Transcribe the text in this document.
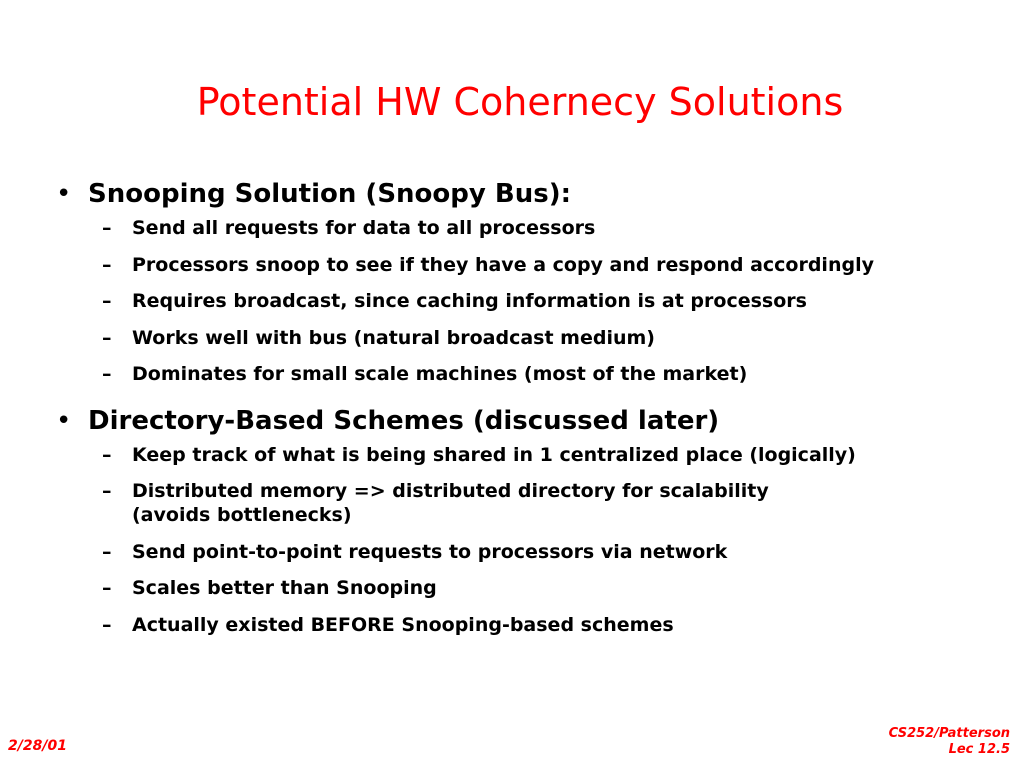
Potential HW Cohernecy Solutions
• Snooping Solution (Snoopy Bus):
– Send all requests for data to all processors
– Processors snoop to see if they have a copy and respond accordingly
– Requires broadcast, since caching information is at processors
– Works well with bus (natural broadcast medium)
– Dominates for small scale machines (most of the market)
• Directory-Based Schemes (discussed later)
– Keep track of what is being shared in 1 centralized place (logically)
– Distributed memory => distributed directory for scalability
(avoids bottlenecks)
– Send point-to-point requests to processors via network
– Scales better than Snooping
– Actually existed BEFORE Snooping-based schemes
2/28/01
CS252/Patterson
Lec 12.5
